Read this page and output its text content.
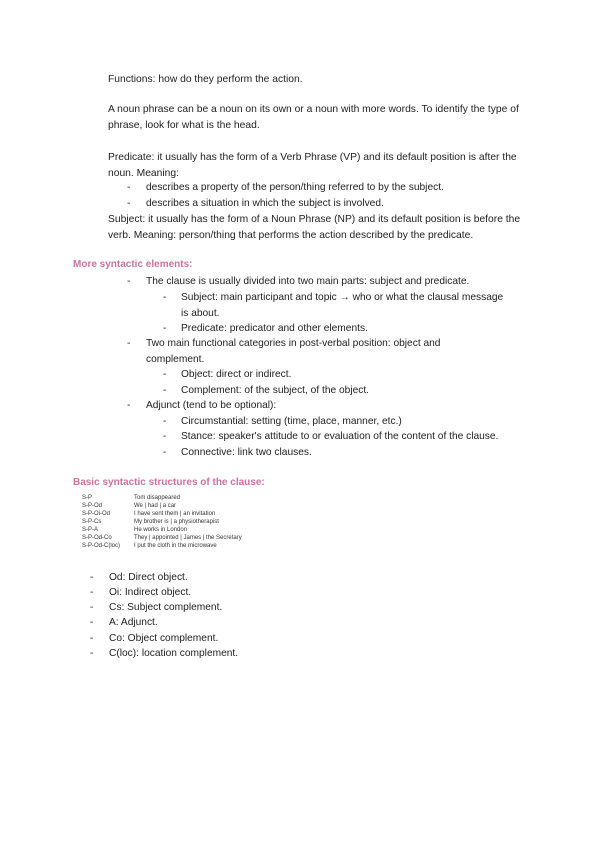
Functions: how do they perform the action.
A noun phrase can be a noun on its own or a noun with more words. To identify the type of phrase, look for what is the head.
Predicate: it usually has the form of a Verb Phrase (VP) and its default position is after the noun. Meaning:
- describes a property of the person/thing referred to by the subject.
- describes a situation in which the subject is involved.
Subject: it usually has the form of a Noun Phrase (NP) and its default position is before the verb. Meaning: person/thing that performs the action described by the predicate.
More syntactic elements:
- The clause is usually divided into two main parts: subject and predicate.
- Subject: main participant and topic → who or what the clausal message is about.
- Predicate: predicator and other elements.
- Two main functional categories in post-verbal position: object and complement.
- Object: direct or indirect.
- Complement: of the subject, of the object.
- Adjunct (tend to be optional):
- Circumstantial: setting (time, place, manner, etc.)
- Stance: speaker's attitude to or evaluation of the content of the clause.
- Connective: link two clauses.
Basic syntactic structures of the clause:
S-P	Tom disappeared
S-P-Od	We | had | a car
S-P-Oi-Od	I have sent them | an invitation
S-P-Cs	My brother is | a physiotherapist
S-P-A	He works in London
S-P-Od-Co	They | appointed | James | the Secretary
S-P-Od-C(loc) I put the cloth in the microwave
- Od: Direct object.
- Oi: Indirect object.
- Cs: Subject complement.
- A: Adjunct.
- Co: Object complement.
- C(loc): location complement.
